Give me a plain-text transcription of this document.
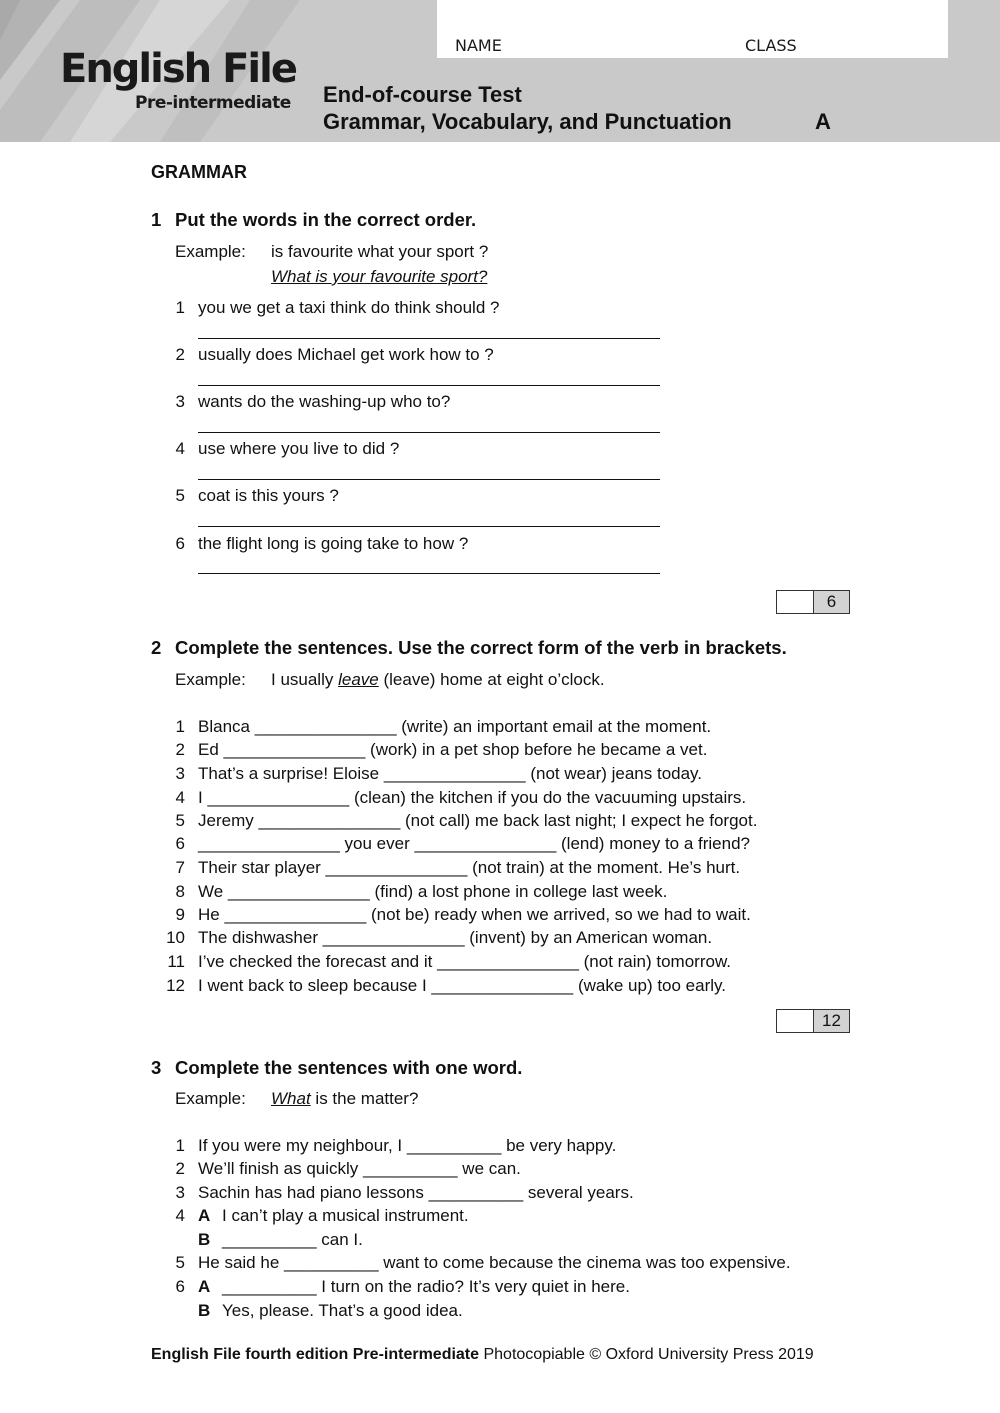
English File
Pre-intermediate
NAME	CLASS
End-of-course Test
Grammar, Vocabulary, and Punctuation	A
GRAMMAR
1 Put the words in the correct order.
Example: is favourite what your sport ?
What is your favourite sport?
1 you we get a taxi think do think should ?
2 usually does Michael get work how to ?
3 wants do the washing-up who to?
4 use where you live to did ?
5 coat is this yours ?
6 the flight long is going take to how ?
6
2 Complete the sentences. Use the correct form of the verb in brackets.
Example: I usually leave (leave) home at eight o’clock.
1 Blanca _______________ (write) an important email at the moment.
2 Ed _______________ (work) in a pet shop before he became a vet.
3 That’s a surprise! Eloise _______________ (not wear) jeans today.
4 I _______________ (clean) the kitchen if you do the vacuuming upstairs.
5 Jeremy _______________ (not call) me back last night; I expect he forgot.
6 _______________ you ever _______________ (lend) money to a friend?
7 Their star player _______________ (not train) at the moment. He’s hurt.
8 We _______________ (find) a lost phone in college last week.
9 He _______________ (not be) ready when we arrived, so we had to wait.
10 The dishwasher _______________ (invent) by an American woman.
11 I’ve checked the forecast and it _______________ (not rain) tomorrow.
12 I went back to sleep because I _______________ (wake up) too early.
12
3 Complete the sentences with one word.
Example: What is the matter?
1 If you were my neighbour, I __________ be very happy.
2 We’ll finish as quickly __________ we can.
3 Sachin has had piano lessons __________ several years.
4 A I can’t play a musical instrument.
B __________ can I.
5 He said he __________ want to come because the cinema was too expensive.
6 A __________ I turn on the radio? It’s very quiet in here.
B Yes, please. That’s a good idea.
English File fourth edition Pre-intermediate Photocopiable © Oxford University Press 2019
